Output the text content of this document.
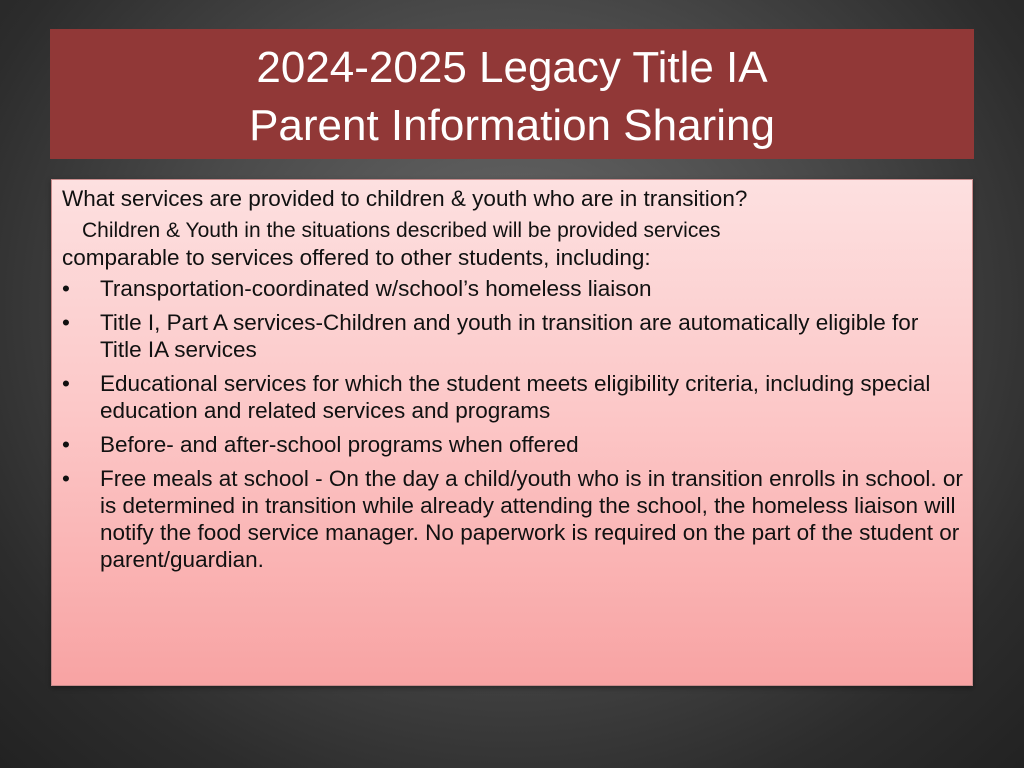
2024-2025 Legacy Title IA
Parent Information Sharing
What services are provided to children & youth who are in transition?
Children & Youth in the situations described will be provided services
comparable to services offered to other students, including:
•	Transportation-coordinated w/school’s homeless liaison
•	Title I, Part A services-Children and youth in transition are automatically eligible for Title IA services
•	Educational services for which the student meets eligibility criteria, including special education and related services and programs
•	Before- and after-school programs when offered
•	Free meals at school - On the day a child/youth who is in transition enrolls in school. or is determined in transition while already attending the school, the homeless liaison will notify the food service manager. No paperwork is required on the part of the student or parent/guardian.
